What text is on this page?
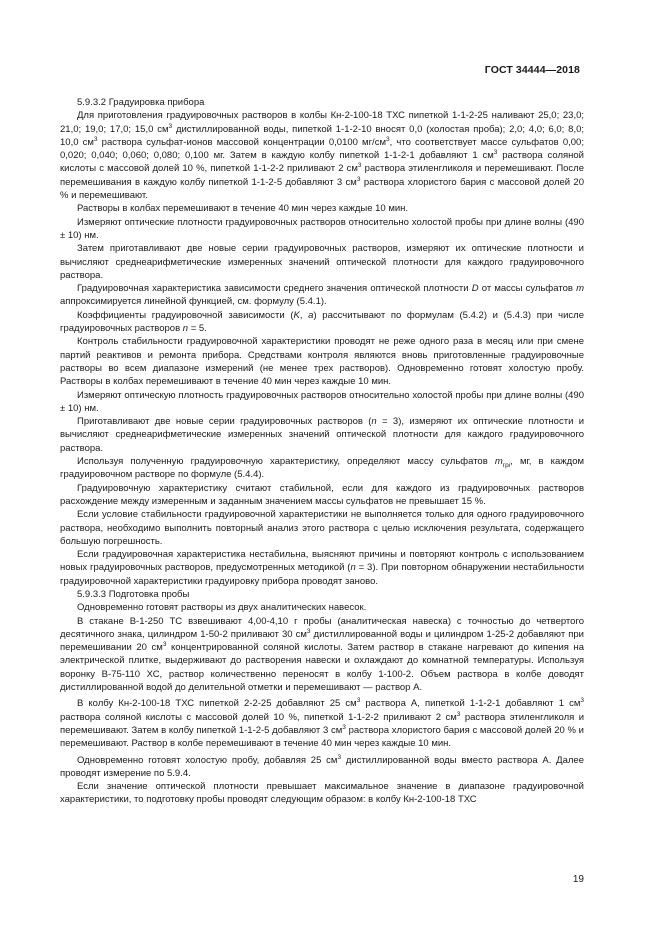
ГОСТ 34444—2018

5.9.3.2 Градуировка прибора

Для приготовления градуировочных растворов в колбы Кн-2-100-18 ТХС пипеткой 1-1-2-25 наливают 25,0; 23,0; 21,0; 19,0; 17,0; 15,0 $см^3$ дистиллированной воды, пипеткой 1-1-2-10 вносят 0,0 (холостая проба); 2,0; 4,0; 6,0; 8,0; 10,0 $см^3$ раствора сульфат-ионов массовой концентрации 0,0100 $мг/см^3$, что соответствует массе сульфатов 0,00; 0,020; 0,040; 0,060; 0,080; 0,100 мг. Затем в каждую колбу пипеткой 1-1-2-1 добавляют 1 $см^3$ раствора соляной кислоты с массовой долей 10 %, пипеткой 1-1-2-2 приливают 2 $см^3$ раствора этиленгликоля и перемешивают. После перемешивания в каждую колбу пипеткой 1-1-2-5 добавляют 3 $см^3$ раствора хлористого бария с массовой долей 20 % и перемешивают.

Растворы в колбах перемешивают в течение 40 мин через каждые 10 мин.

Измеряют оптические плотности градуировочных растворов относительно холостой пробы при длине волны (490 ± 10) нм.

Затем приготавливают две новые серии градуировочных растворов, измеряют их оптические плотности и вычисляют среднеарифметические измеренных значений оптической плотности для каждого градуировочного раствора.

Градуировочная характеристика зависимости среднего значения оптической плотности D от массы сульфатов m аппроксимируется линейной функцией, см. формулу (5.4.1).

Коэффициенты градуировочной зависимости (K, a) рассчитывают по формулам (5.4.2) и (5.4.3) при числе градуировочных растворов n = 5.

Контроль стабильности градуировочной характеристики проводят не реже одного раза в месяц или при смене партий реактивов и ремонта прибора. Средствами контроля являются вновь приготовленные градуировочные растворы во всем диапазоне измерений (не менее трех растворов). Одновременно готовят холостую пробу. Растворы в колбах перемешивают в течение 40 мин через каждые 10 мин.

Измеряют оптическую плотность градуировочных растворов относительно холостой пробы при длине волны (490 ± 10) нм.

Приготавливают две новые серии градуировочных растворов (n = 3), измеряют их оптические плотности и вычисляют среднеарифметические измеренных значений оптической плотности для каждого градуировочного раствора.

Используя полученную градуировочную характеристику, определяют массу сульфатов $m_{грi}$, мг, в каждом градуировочном растворе по формуле (5.4.4).

Градуировочную характеристику считают стабильной, если для каждого из градуировочных растворов расхождение между измеренным и заданным значением массы сульфатов не превышает 15 %.

Если условие стабильности градуировочной характеристики не выполняется только для одного градуировочного раствора, необходимо выполнить повторный анализ этого раствора с целью исключения результата, содержащего большую погрешность.

Если градуировочная характеристика нестабильна, выясняют причины и повторяют контроль с использованием новых градуировочных растворов, предусмотренных методикой (n = 3). При повторном обнаружении нестабильности градуировочной характеристики градуировку прибора проводят заново.

5.9.3.3 Подготовка пробы

Одновременно готовят растворы из двух аналитических навесок.

В стакане В-1-250 ТС взвешивают 4,00-4,10 г пробы (аналитическая навеска) с точностью до четвертого десятичного знака, цилиндром 1-50-2 приливают 30 $см^3$ дистиллированной воды и цилиндром 1-25-2 добавляют при перемешивании 20 $см^3$ концентрированной соляной кислоты. Затем раствор в стакане нагревают до кипения на электрической плитке, выдерживают до растворения навески и охлаждают до комнатной температуры. Используя воронку В-75-110 ХС, раствор количественно переносят в колбу 1-100-2. Объем раствора в колбе доводят дистиллированной водой до делительной отметки и перемешивают — раствор А.

В колбу Кн-2-100-18 ТХС пипеткой 2-2-25 добавляют 25 $см^3$ раствора А, пипеткой 1-1-2-1 добавляют 1 $см^3$ раствора соляной кислоты с массовой долей 10 %, пипеткой 1-1-2-2 приливают 2 $см^3$ раствора этиленгликоля и перемешивают. Затем в колбу пипеткой 1-1-2-5 добавляют 3 $см^3$ раствора хлористого бария с массовой долей 20 % и перемешивают. Раствор в колбе перемешивают в течение 40 мин через каждые 10 мин.

Одновременно готовят холостую пробу, добавляя 25 $см^3$ дистиллированной воды вместо раствора А. Далее проводят измерение по 5.9.4.

Если значение оптической плотности превышает максимальное значение в диапазоне градуировочной характеристики, то подготовку пробы проводят следующим образом: в колбу Кн-2-100-18 ТХС

19
